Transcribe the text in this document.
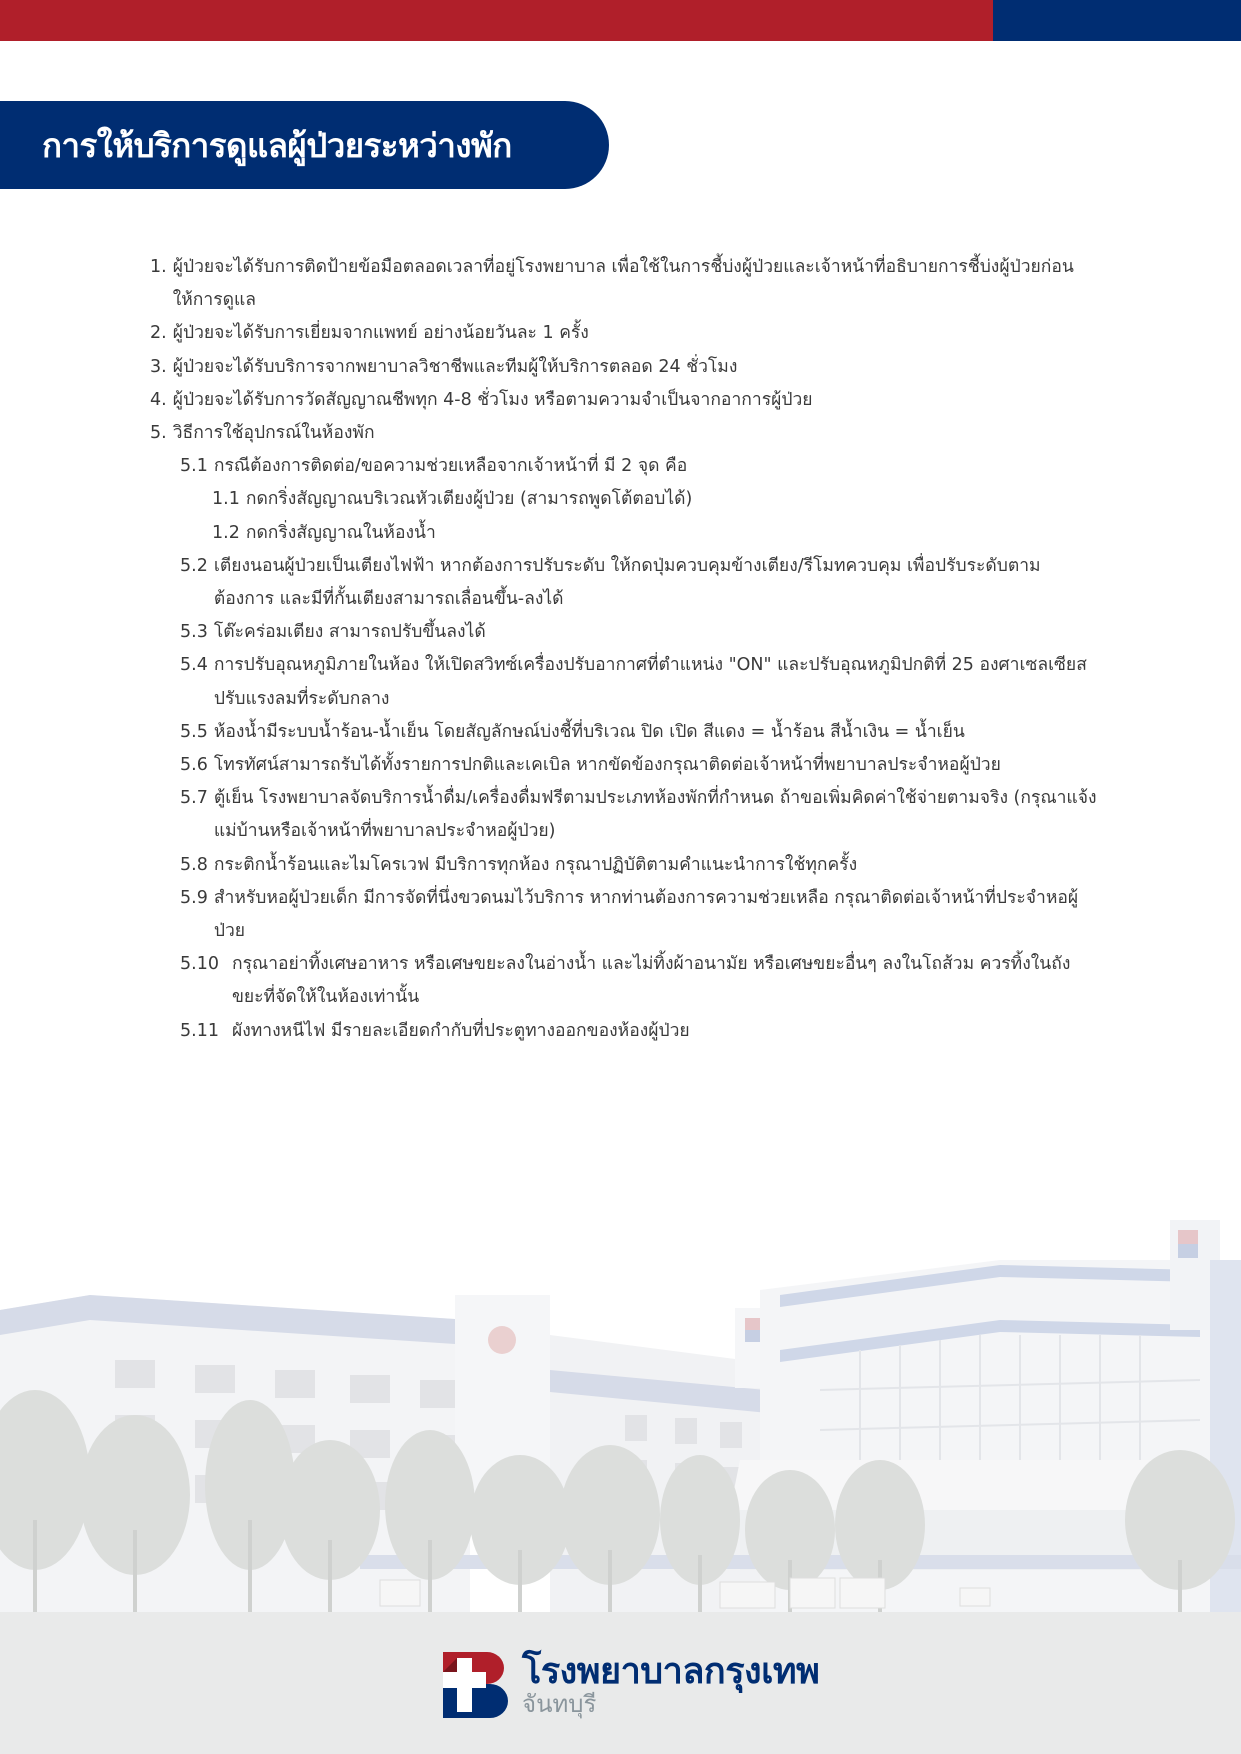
การให้บริการดูแลผู้ป่วยระหว่างพัก
1. ผู้ป่วยจะได้รับการติดป้ายข้อมือตลอดเวลาที่อยู่โรงพยาบาล เพื่อใช้ในการชี้บ่งผู้ป่วยและเจ้าหน้าที่อธิบายการชี้บ่งผู้ป่วยก่อนให้การดูแล
2. ผู้ป่วยจะได้รับการเยี่ยมจากแพทย์ อย่างน้อยวันละ 1 ครั้ง
3. ผู้ป่วยจะได้รับบริการจากพยาบาลวิชาชีพและทีมผู้ให้บริการตลอด 24 ชั่วโมง
4. ผู้ป่วยจะได้รับการวัดสัญญาณชีพทุก 4-8 ชั่วโมง หรือตามความจำเป็นจากอาการผู้ป่วย
5. วิธีการใช้อุปกรณ์ในห้องพัก
5.1 กรณีต้องการติดต่อ/ขอความช่วยเหลือจากเจ้าหน้าที่ มี 2 จุด คือ
1.1 กดกริ่งสัญญาณบริเวณหัวเตียงผู้ป่วย (สามารถพูดโต้ตอบได้)
1.2 กดกริ่งสัญญาณในห้องน้ำ
5.2 เตียงนอนผู้ป่วยเป็นเตียงไฟฟ้า หากต้องการปรับระดับ ให้กดปุ่มควบคุมข้างเตียง/รีโมทควบคุม เพื่อปรับระดับตามต้องการ และมีที่กั้นเตียงสามารถเลื่อนขึ้น-ลงได้
5.3 โต๊ะคร่อมเตียง สามารถปรับขึ้นลงได้
5.4 การปรับอุณหภูมิภายในห้อง ให้เปิดสวิทซ์เครื่องปรับอากาศที่ตำแหน่ง "ON" และปรับอุณหภูมิปกติที่ 25 องศาเซลเซียส ปรับแรงลมที่ระดับกลาง
5.5 ห้องน้ำมีระบบน้ำร้อน-น้ำเย็น โดยสัญลักษณ์บ่งชี้ที่บริเวณ ปิด เปิด สีแดง = น้ำร้อน สีน้ำเงิน = น้ำเย็น
5.6 โทรทัศน์สามารถรับได้ทั้งรายการปกติและเคเบิล หากขัดข้องกรุณาติดต่อเจ้าหน้าที่พยาบาลประจำหอผู้ป่วย
5.7 ตู้เย็น โรงพยาบาลจัดบริการน้ำดื่ม/เครื่องดื่มฟรีตามประเภทห้องพักที่กำหนด ถ้าขอเพิ่มคิดค่าใช้จ่ายตามจริง (กรุณาแจ้งแม่บ้านหรือเจ้าหน้าที่พยาบาลประจำหอผู้ป่วย)
5.8 กระติกน้ำร้อนและไมโครเวฟ มีบริการทุกห้อง กรุณาปฏิบัติตามคำแนะนำการใช้ทุกครั้ง
5.9 สำหรับหอผู้ป่วยเด็ก มีการจัดที่นึ่งขวดนมไว้บริการ หากท่านต้องการความช่วยเหลือ กรุณาติดต่อเจ้าหน้าที่ประจำหอผู้ป่วย
5.10 กรุณาอย่าทิ้งเศษอาหาร หรือเศษขยะลงในอ่างน้ำ และไม่ทิ้งผ้าอนามัย หรือเศษขยะอื่นๆ ลงในโถส้วม ควรทิ้งในถังขยะที่จัดให้ในห้องเท่านั้น
5.11 ผังทางหนีไฟ มีรายละเอียดกำกับที่ประตูทางออกของห้องผู้ป่วย
โรงพยาบาลกรุงเทพ
จันทบุรี
